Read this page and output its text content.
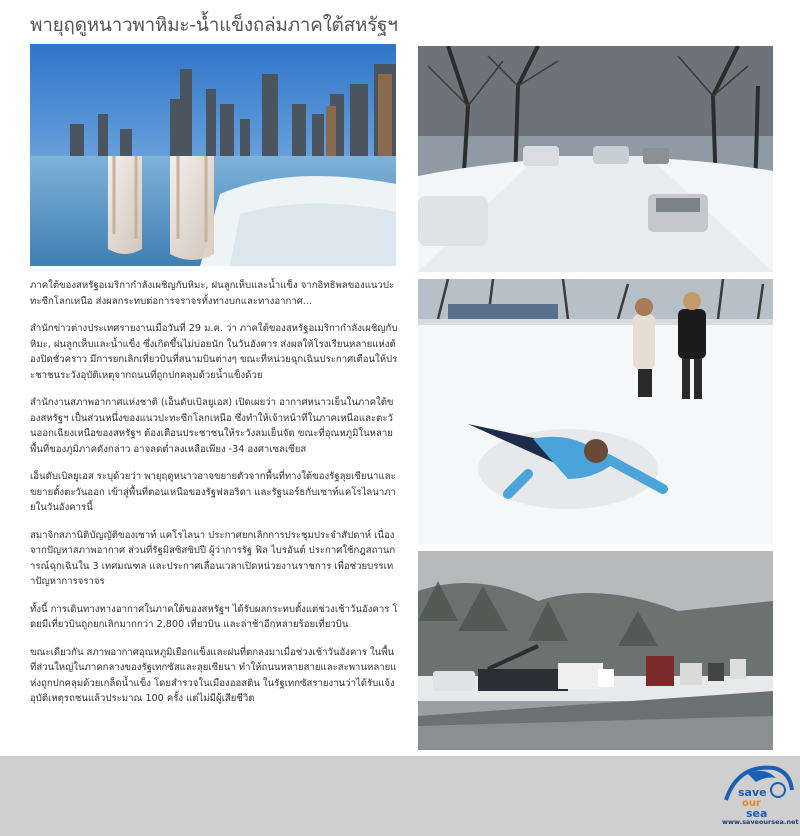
พายุฤดูหนาวพาหิมะ-น้ำแข็งถล่มภาคใต้สหรัฐฯ

ภาคใต้ของสหรัฐอเมริกากำลังเผชิญกับหิมะ, ฝนลูกเห็บและน้ำแข็ง จากอิทธิพลของแนวปะทะซีกโลกเหนือ ส่งผลกระทบต่อการจราจรทั้งทางบกและทางอากาศ...

สำนักข่าวต่างประเทศรายงานเมื่อวันที่ 29 ม.ค. ว่า ภาคใต้ของสหรัฐอเมริกากำลังเผชิญกับหิมะ, ฝนลูกเห็บและน้ำแข็ง ซึ่งเกิดขึ้นไม่บ่อยนัก ในวันอังคาร ส่งผลให้โรงเรียนหลายแห่งต้องปิดชั่วคราว มีการยกเลิกเที่ยวบินที่สนามบินต่างๆ ขณะที่หน่วยฉุกเฉินประกาศเตือนให้ประชาชนระวังอุบัติเหตุจากถนนที่ถูกปกคลุมด้วยน้ำแข็งด้วย

สำนักงานสภาพอากาศแห่งชาติ (เอ็นดับเบิลยูเอส) เปิดเผยว่า อากาศหนาวเย็นในภาคใต้ของสหรัฐฯ เป็นส่วนหนึ่งของแนวปะทะซีกโลกเหนือ ซึ่งทำให้เจ้าหน้าที่ในภาคเหนือและตะวันออกเฉียงเหนือของสหรัฐฯ ต้องเตือนประชาชนให้ระวังลมเย็นจัด ขณะที่อุณหภูมิในหลายพื้นที่ของภูมิภาคดังกล่าว อาจลดต่ำลงเหลือเพียง -34 องศาเซลเซียส

เอ็นดับเบิลยูเอส ระบุด้วยว่า พายุฤดูหนาวอาจขยายตัวจากพื้นที่ทางใต้ของรัฐลุยเซียนาและขยายตั้งตะวันออก เข้าสู่พื้นที่ตอนเหนือของรัฐฟลอริดา และรัฐนอร์ธกับเซาท์แคโรไลนาภายในวันอังคารนี้

สมาจิกสภานิติบัญญัติของเซาท์ แคโรไลนา ประกาศยกเลิกการประชุมประจำสัปดาห์ เนื่องจากปัญหาสภาพอากาศ ส่วนที่รัฐมิสซิสซิปปี ผู้ว่าการรัฐ ฟิล ไบรอันต์ ประกาศใช้กฎสถานการณ์ฉุกเฉินใน 3 เทศมณฑล และประกาศเลื่อนเวลาเปิดหน่วยงานราชการ เพื่อช่วยบรรเทาปัญหาการจราจร

ทั้งนี้ การเดินทางทางอากาศในภาคใต้ของสหรัฐฯ ได้รับผลกระทบตั้งแต่ช่วงเช้าวันอังคาร โดยมีเที่ยวบินถูกยกเลิกมากกว่า 2,800 เที่ยวบิน และล่าช้าอีกหลายร้อยเที่ยวบิน

ขณะเดียวกัน สภาพอากาศอุณหภูมิเยือกแข็งและฝนที่ตกลงมาเมื่อช่วงเช้าวันอังคาร ในพื้นที่ส่วนใหญ่ในภาคกลางของรัฐเทกซัสและลุยเซียนา ทำให้ถนนหลายสายและสะพานหลายแห่งถูกปกคลุมด้วยเกล็ดน้ำแข็ง โดยสำรวจในเมืองออสติน ในรัฐเทกซัสรายงานว่าได้รับแจ้งอุบัติเหตุรถชนแล้วประมาณ 100 ครั้ง แต่ไม่มีผู้เสียชีวิต

save
our
sea
www.saveoursea.net
